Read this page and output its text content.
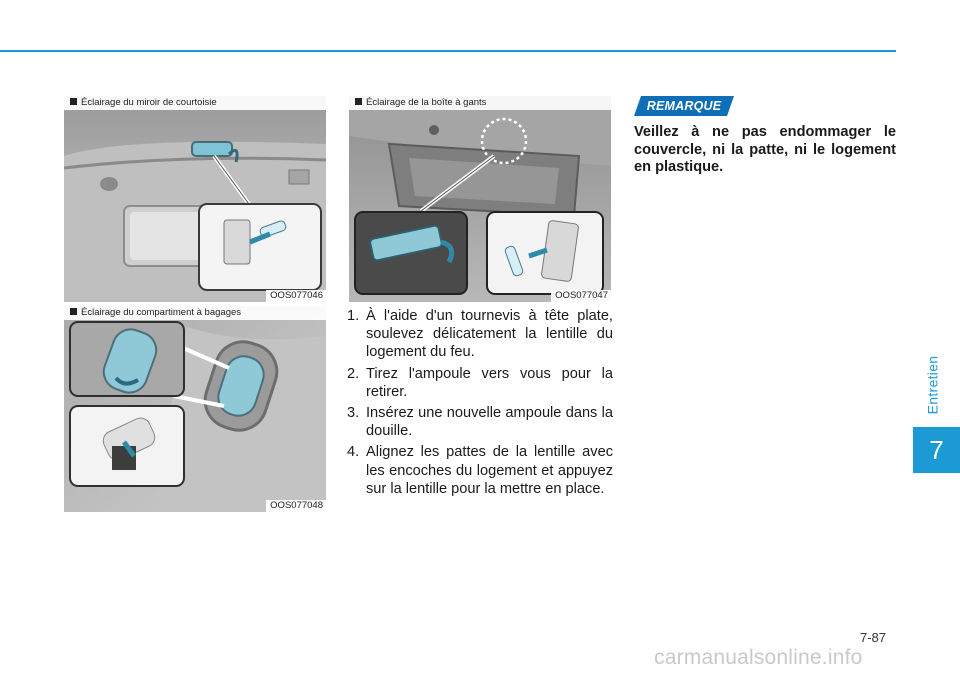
Entretien
7
Éclairage du miroir de courtoisie
OOS077046
Éclairage du compartiment à bagages
OOS077048
Éclairage de la boîte à gants
OOS077047
1. À l'aide d'un tournevis à tête plate, soulevez délicatement la lentille du logement du feu.
2. Tirez l'ampoule vers vous pour la retirer.
3. Insérez une nouvelle ampoule dans la douille.
4. Alignez les pattes de la lentille avec les encoches du logement et appuyez sur la lentille pour la mettre en place.
REMARQUE
Veillez à ne pas endommager le couvercle, ni la patte, ni le logement en plastique.
7-87
carmanualsonline.info
